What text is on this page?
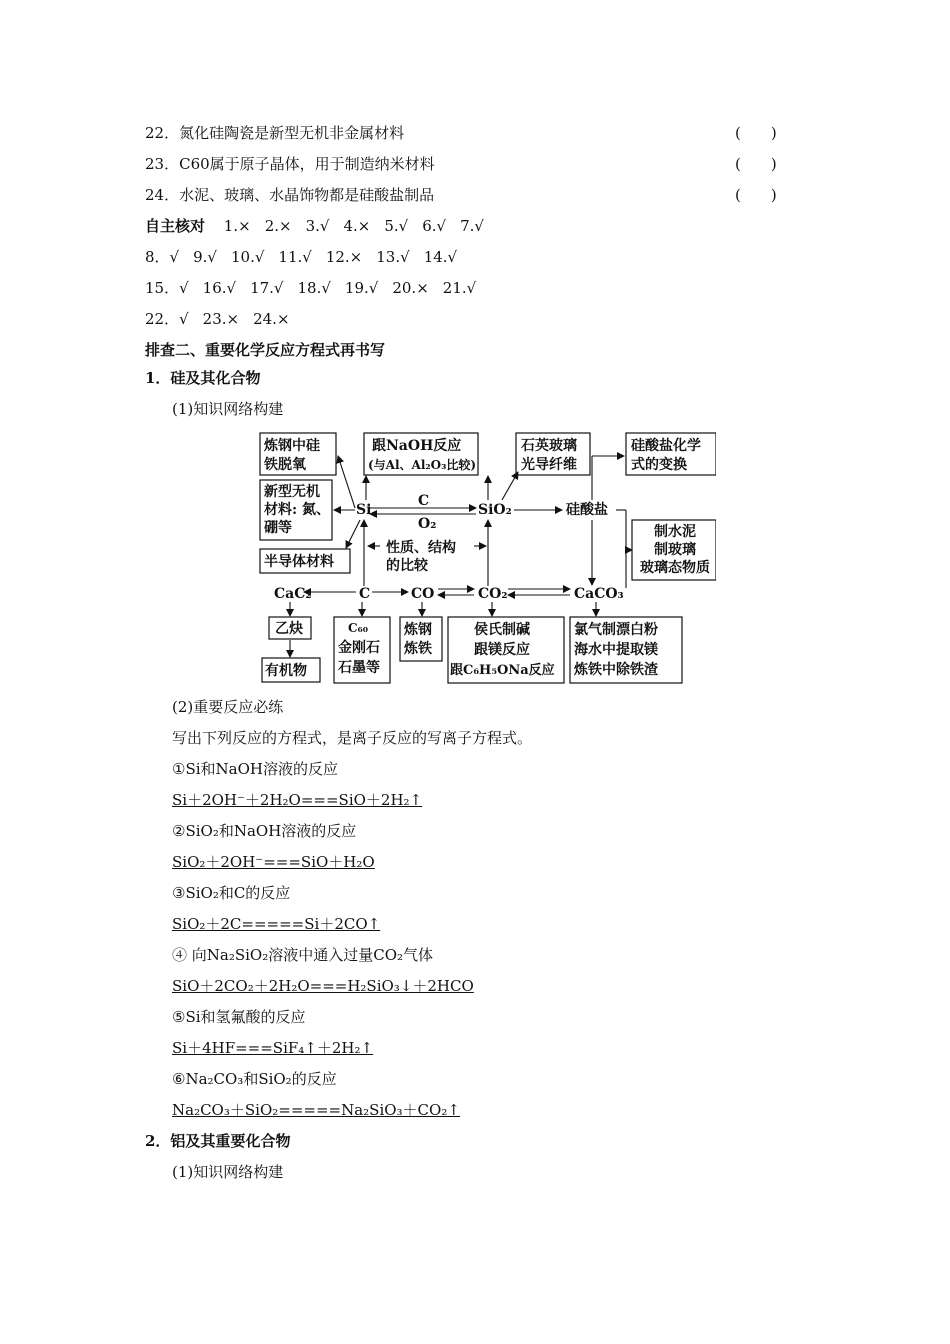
22．氮化硅陶瓷是新型无机非金属材料	(　　)
23．C60属于原子晶体，用于制造纳米材料	(　　)
24．水泥、玻璃、水晶饰物都是硅酸盐制品	(　　)
自主核对 1.× 2.× 3.√ 4.× 5.√ 6.√ 7.√
8．√ 9.√ 10.√ 11.√ 12.× 13.√ 14.√
15．√ 16.√ 17.√ 18.√ 19.√ 20.× 21.√
22．√ 23.× 24.×
排查二、重要化学反应方程式再书写
1．硅及其化合物
(1)知识网络构建
炼钢中硅
铁脱氧
跟NaOH反应
(与Al、Al₂O₃比较)
石英玻璃
光导纤维
硅酸盐化学
式的变换
新型无机
材料: 氮、
硼等
半导体材料
制水泥
制玻璃
玻璃态物质
Si	SiO₂	硅酸盐
C
O₂
性质、结构
的比较
CaC₂	C	CO	CO₂	CaCO₃
乙炔
有机物
C₆₀
金刚石
石墨等
炼钢
炼铁
侯氏制碱
跟镁反应
跟C₆H₅ONa反应
氯气制漂白粉
海水中提取镁
炼铁中除铁渣
(2)重要反应必练
写出下列反应的方程式，是离子反应的写离子方程式。
①Si和NaOH溶液的反应
Si＋2OH⁻＋2H₂O===SiO＋2H₂↑
②SiO₂和NaOH溶液的反应
SiO₂＋2OH⁻===SiO＋H₂O
③SiO₂和C的反应
SiO₂＋2C=====Si＋2CO↑
④ 向Na₂SiO₂溶液中通入过量CO₂气体
SiO＋2CO₂＋2H₂O===H₂SiO₃↓＋2HCO
⑤Si和氢氟酸的反应
Si＋4HF===SiF₄↑＋2H₂↑
⑥Na₂CO₃和SiO₂的反应
Na₂CO₃＋SiO₂=====Na₂SiO₃＋CO₂↑
2．铝及其重要化合物
(1)知识网络构建
